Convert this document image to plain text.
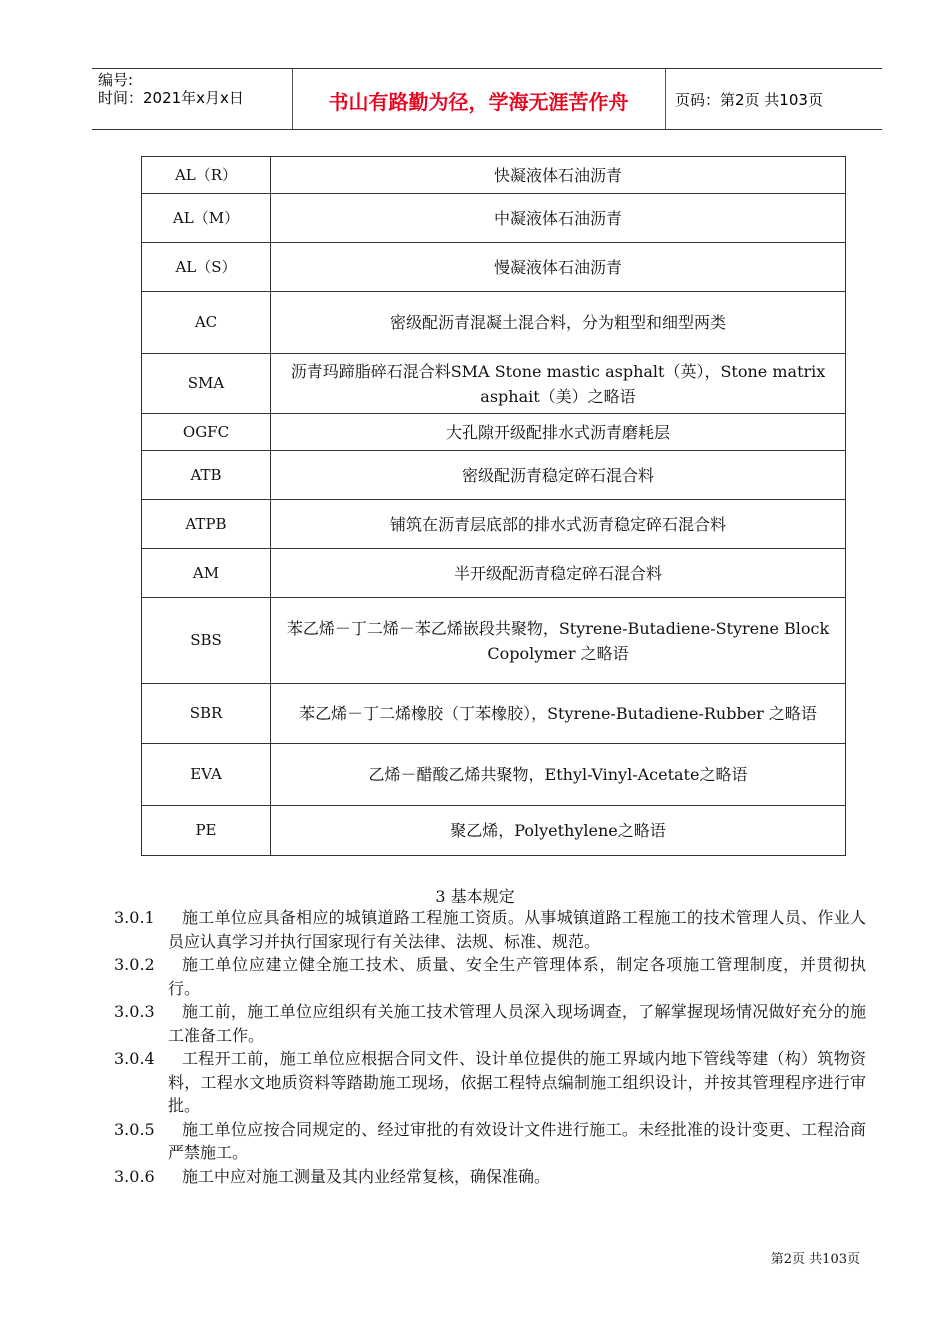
编号:
时间：2021年x月x日	书山有路勤为径，学海无涯苦作舟	页码：第2页 共103页
AL（R）	快凝液体石油沥青
AL（M）	中凝液体石油沥青
AL（S）	慢凝液体石油沥青
AC	密级配沥青混凝土混合料，分为粗型和细型两类
SMA	沥青玛蹄脂碎石混合料SMA Stone mastic asphalt（英），Stone matrix asphait（美）之略语
OGFC	大孔隙开级配排水式沥青磨耗层
ATB	密级配沥青稳定碎石混合料
ATPB	铺筑在沥青层底部的排水式沥青稳定碎石混合料
AM	半开级配沥青稳定碎石混合料
SBS	苯乙烯－丁二烯－苯乙烯嵌段共聚物，Styrene-Butadiene-Styrene Block Copolymer 之略语
SBR	苯乙烯－丁二烯橡胶（丁苯橡胶），Styrene-Butadiene-Rubber 之略语
EVA	乙烯－醋酸乙烯共聚物，Ethyl-Vinyl-Acetate之略语
PE	聚乙烯，Polyethylene之略语
3 基本规定
3.0.1	施工单位应具备相应的城镇道路工程施工资质。从事城镇道路工程施工的技术管理人员、作业人员应认真学习并执行国家现行有关法律、法规、标准、规范。
3.0.2	施工单位应建立健全施工技术、质量、安全生产管理体系，制定各项施工管理制度，并贯彻执行。
3.0.3	施工前，施工单位应组织有关施工技术管理人员深入现场调查，了解掌握现场情况做好充分的施工准备工作。
3.0.4	工程开工前，施工单位应根据合同文件、设计单位提供的施工界域内地下管线等建（构）筑物资料，工程水文地质资料等踏勘施工现场，依据工程特点编制施工组织设计，并按其管理程序进行审批。
3.0.5	施工单位应按合同规定的、经过审批的有效设计文件进行施工。未经批准的设计变更、工程洽商严禁施工。
3.0.6	施工中应对施工测量及其内业经常复核，确保准确。
第2页 共103页
